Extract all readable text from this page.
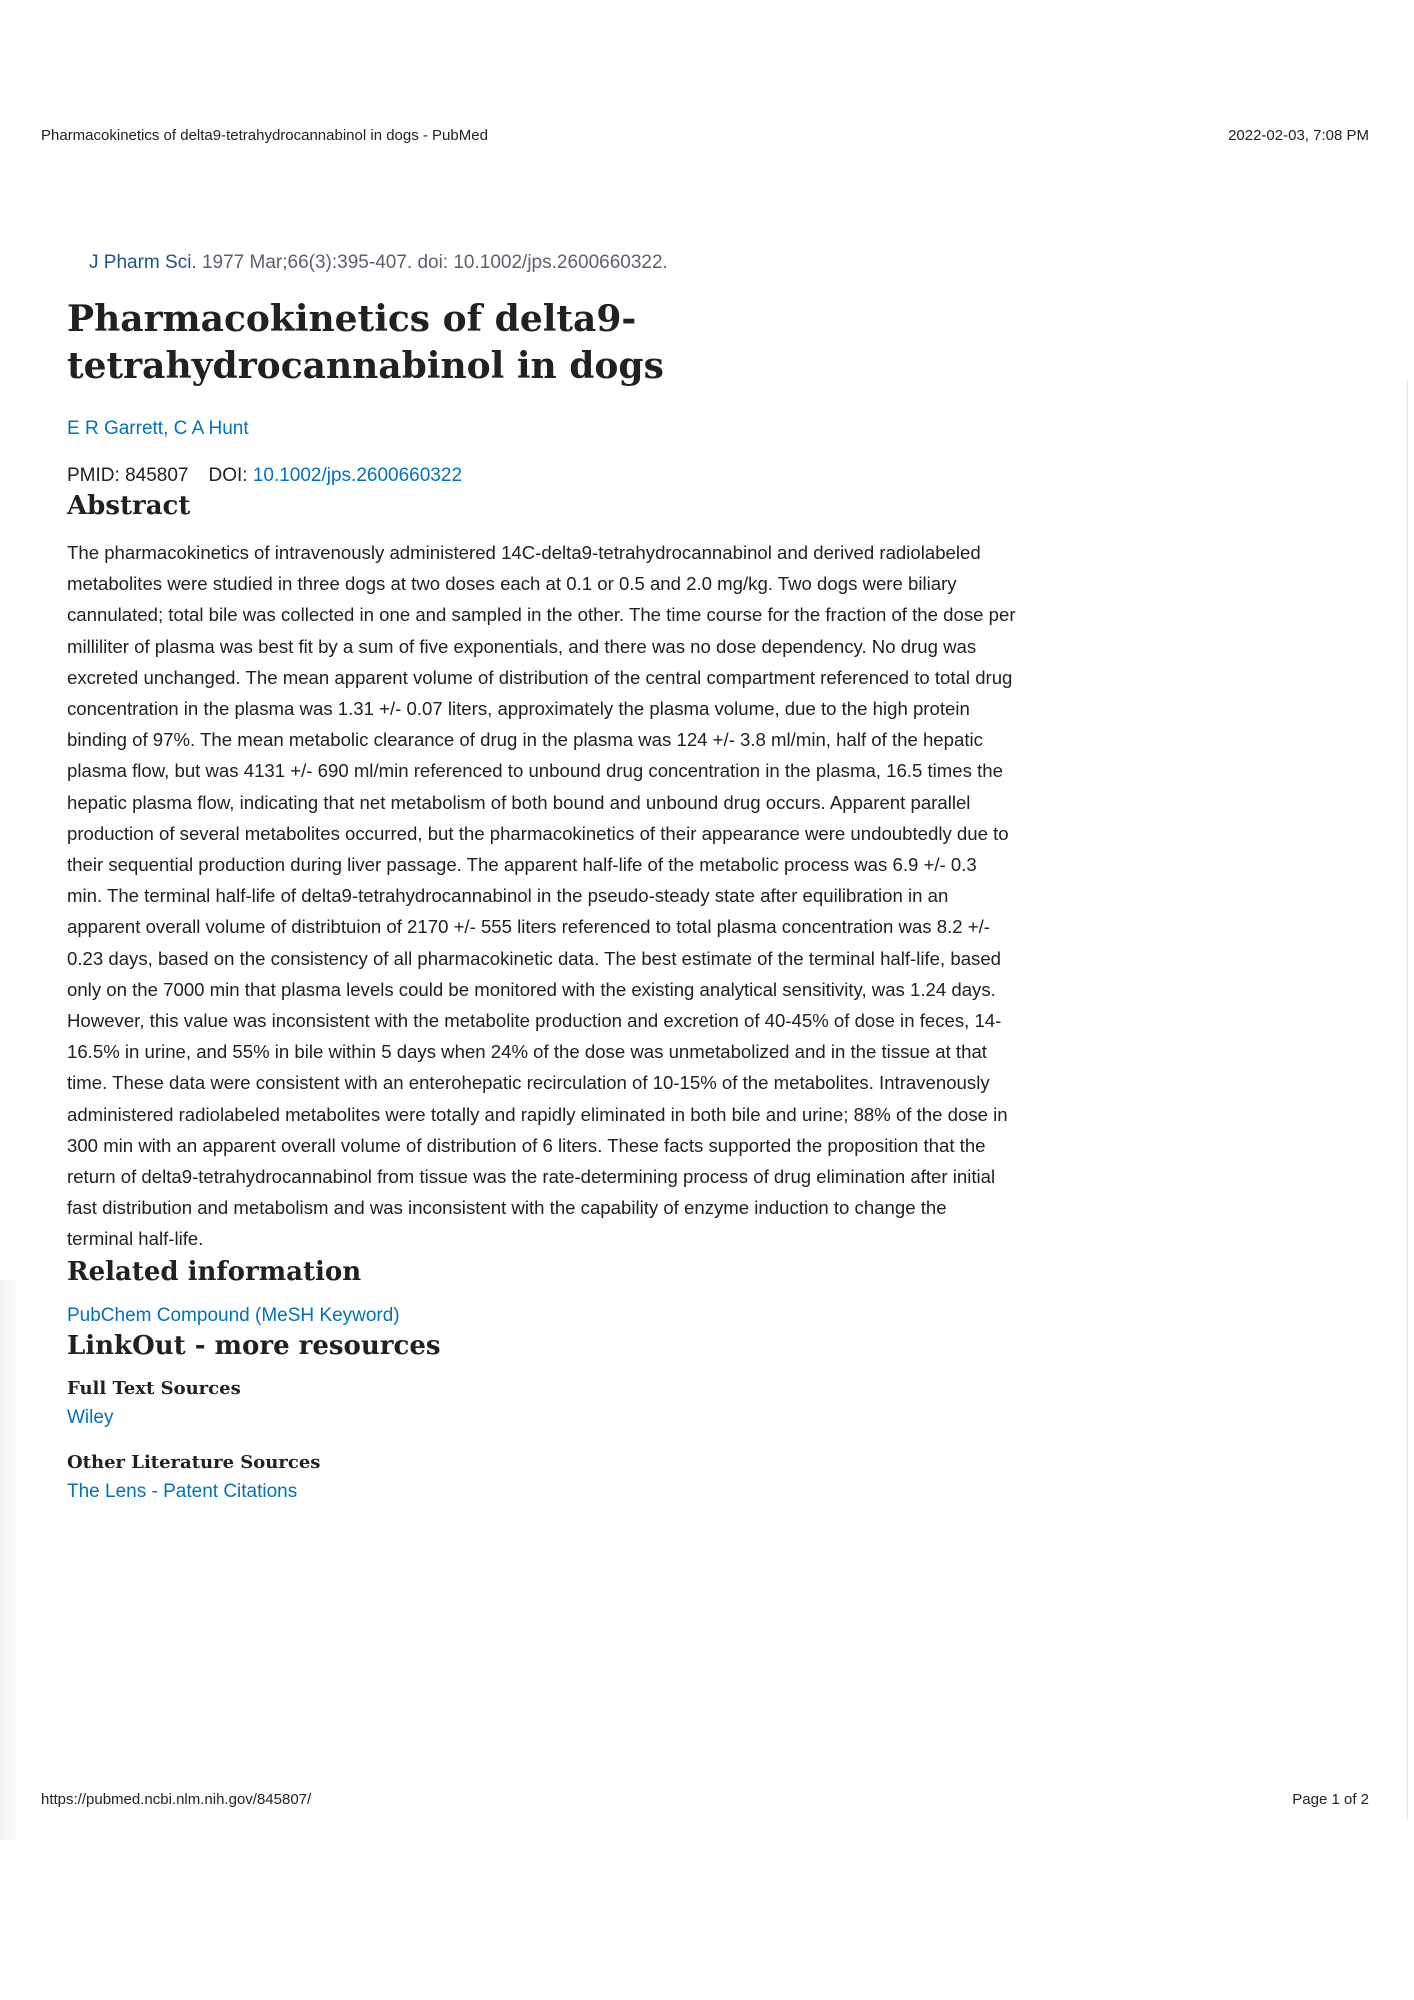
Pharmacokinetics of delta9-tetrahydrocannabinol in dogs - PubMed	2022-02-03, 7:08 PM
J Pharm Sci. 1977 Mar;66(3):395-407. doi: 10.1002/jps.2600660322.
Pharmacokinetics of delta9-tetrahydrocannabinol in dogs
E R Garrett, C A Hunt
PMID: 845807 DOI: 10.1002/jps.2600660322
Abstract
The pharmacokinetics of intravenously administered 14C-delta9-tetrahydrocannabinol and derived radiolabeled metabolites were studied in three dogs at two doses each at 0.1 or 0.5 and 2.0 mg/kg. Two dogs were biliary cannulated; total bile was collected in one and sampled in the other. The time course for the fraction of the dose per milliliter of plasma was best fit by a sum of five exponentials, and there was no dose dependency. No drug was excreted unchanged. The mean apparent volume of distribution of the central compartment referenced to total drug concentration in the plasma was 1.31 +/- 0.07 liters, approximately the plasma volume, due to the high protein binding of 97%. The mean metabolic clearance of drug in the plasma was 124 +/- 3.8 ml/min, half of the hepatic plasma flow, but was 4131 +/- 690 ml/min referenced to unbound drug concentration in the plasma, 16.5 times the hepatic plasma flow, indicating that net metabolism of both bound and unbound drug occurs. Apparent parallel production of several metabolites occurred, but the pharmacokinetics of their appearance were undoubtedly due to their sequential production during liver passage. The apparent half-life of the metabolic process was 6.9 +/- 0.3 min. The terminal half-life of delta9-tetrahydrocannabinol in the pseudo-steady state after equilibration in an apparent overall volume of distribtuion of 2170 +/- 555 liters referenced to total plasma concentration was 8.2 +/- 0.23 days, based on the consistency of all pharmacokinetic data. The best estimate of the terminal half-life, based only on the 7000 min that plasma levels could be monitored with the existing analytical sensitivity, was 1.24 days. However, this value was inconsistent with the metabolite production and excretion of 40-45% of dose in feces, 14-16.5% in urine, and 55% in bile within 5 days when 24% of the dose was unmetabolized and in the tissue at that time. These data were consistent with an enterohepatic recirculation of 10-15% of the metabolites. Intravenously administered radiolabeled metabolites were totally and rapidly eliminated in both bile and urine; 88% of the dose in 300 min with an apparent overall volume of distribution of 6 liters. These facts supported the proposition that the return of delta9-tetrahydrocannabinol from tissue was the rate-determining process of drug elimination after initial fast distribution and metabolism and was inconsistent with the capability of enzyme induction to change the terminal half-life.
Related information
PubChem Compound (MeSH Keyword)
LinkOut - more resources
Full Text Sources
Wiley
Other Literature Sources
The Lens - Patent Citations
https://pubmed.ncbi.nlm.nih.gov/845807/	Page 1 of 2
